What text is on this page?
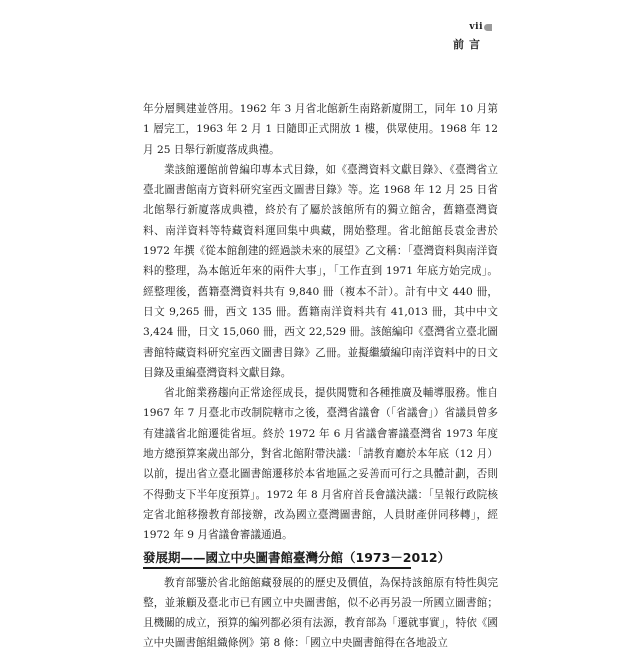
vii
前言

年分層興建並啓用。1962 年 3 月省北館新生南路新廈開工，同年 10 月第 1 層完工，1963 年 2 月 1 日隨即正式開放 1 樓，供眾使用。1968 年 12 月 25 日舉行新廈落成典禮。

業該館遷館前曾編印專本式目錄，如《臺灣資料文獻目錄》、《臺灣省立臺北圖書館南方資料研究室西文圖書目錄》等。迄 1968 年 12 月 25 日省北館舉行新廈落成典禮，終於有了屬於該館所有的獨立館舍，舊籍臺灣資料、南洋資料等特藏資料運回集中典藏，開始整理。省北館館長袁金書於 1972 年撰《從本館創建的經過談未來的展望》乙文稱：「臺灣資料與南洋資料的整理，為本館近年來的兩件大事」，「工作直到 1971 年底方始完成」。經整理後，舊籍臺灣資料共有 9,840 冊（複本不計）。計有中文 440 冊，日文 9,265 冊，西文 135 冊。舊籍南洋資料共有 41,013 冊，其中中文 3,424 冊，日文 15,060 冊，西文 22,529 冊。該館編印《臺灣省立臺北圖書館特藏資料研究室西文圖書目錄》乙冊。並擬繼續編印南洋資料中的日文目錄及重編臺灣資料文獻目錄。

省北館業務趨向正常途徑成長，提供閱覽和各種推廣及輔導服務。惟自 1967 年 7 月臺北市改制院轄市之後，臺灣省議會（「省議會」）省議員曾多有建議省北館遷徙省垣。終於 1972 年 6 月省議會審議臺灣省 1973 年度地方總預算案歲出部分，對省北館附帶決議：「請教育廳於本年底（12 月）以前，提出省立臺北圖書館遷移於本省地區之妥善而可行之具體計劃，否則不得動支下半年度預算」。1972 年 8 月省府首長會議決議：「呈報行政院核定省北館移撥教育部接辦，改為國立臺灣圖書館，人員財產併同移轉」，經 1972 年 9 月省議會審議通過。

發展期——國立中央圖書館臺灣分館（1973－2012）

教育部鑒於省北館館藏發展的的歷史及價值，為保持該館原有特性與完整，並兼顧及臺北市已有國立中央圖書館，似不必再另設一所國立圖書館；且機關的成立，預算的編列都必須有法源，教育部為「遷就事實」，特依《國立中央圖書館組織條例》第 8 條：「國立中央圖書館得在各地設立
